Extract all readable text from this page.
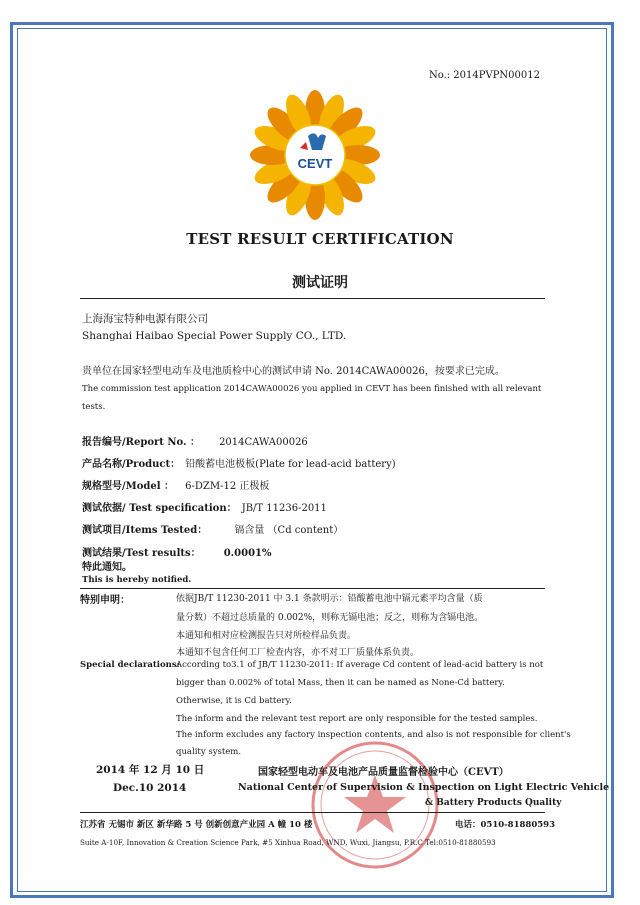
No.: 2014PVPN00012
CEVT
TEST RESULT CERTIFICATION
测试证明
上海海宝特种电源有限公司
Shanghai Haibao Special Power Supply CO., LTD.
贵单位在国家轻型电动车及电池质检中心的测试申请 No. 2014CAWA00026，按要求已完成。
The commission test application 2014CAWA00026 you applied in CEVT has been finished with all relevant tests.
报告编号/Report No. ： 2014CAWA00026
产品名称/Product： 铅酸蓄电池极板(Plate for lead-acid battery)
规格型号/Model ： 6-DZM-12 正极板
测试依据/ Test specification： JB/T 11236-2011
测试项目/Items Tested：	镉含量 （Cd content）
测试结果/Test results： 0.0001%
特此通知。
This is hereby notified.
特别申明：	依据JB/T 11230-2011 中 3.1 条款明示：铅酸蓄电池中镉元素平均含量（质
量分数）不超过总质量的 0.002%，则称无镉电池；反之，则称为含镉电池。
本通知和相对应检测报告只对所检样品负责。
本通知不包含任何工厂检查内容，亦不对工厂质量体系负责。
Special declarations:
According to3.1 of JB/T 11230-2011: If average Cd content of lead-acid battery is not
bigger than 0.002% of total Mass, then it can be named as None-Cd battery.
Otherwise, it is Cd battery.
The inform and the relevant test report are only responsible for the tested samples.
The inform excludes any factory inspection contents, and also is not responsible for client's
quality system.
2014 年 12 月 10 日
Dec.10 2014
国家轻型电动车及电池产品质量监督检验中心（CEVT）
National Center of Supervision & Inspection on Light Electric Vehicle
& Battery Products Quality
江苏省 无锡市 新区 新华路 5 号 创新创意产业园 A 幢 10 楼	电话：0510-81880593
Suite A-10F, Innovation & Creation Science Park, #5 Xinhua Road, WND, Wuxi, Jiangsu, P.R.C Tel:0510-81880593
